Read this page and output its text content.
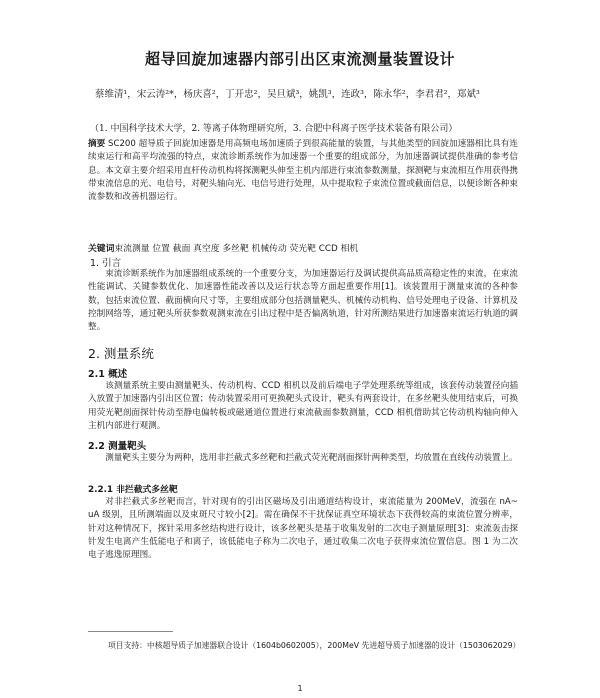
超导回旋加速器内部引出区束流测量装置设计
蔡维清¹，宋云涛²*，杨庆喜²，丁开忠²，吴旦斌³，姚凯³，连政³，陈永华²，李君君²，郑斌³
（1. 中国科学技术大学，2. 等离子体物理研究所，3. 合肥中科离子医学技术装备有限公司）
摘要 SC200 超导质子回旋加速器是用高频电场加速质子到很高能量的装置，与其他类型的回旋加速器相比具有连续束运行和高平均流强的特点，束流诊断系统作为加速器一个重要的组成部分，为加速器调试提供准确的参考信息。本文章主要介绍采用直杆传动机构将探测靶头伸至主机内部进行束流参数测量，探测靶与束流相互作用获得携带束流信息的光、电信号，对靶头轴向光、电信号进行处理，从中提取粒子束流位置或截面信息，以便诊断各种束流参数和改善机器运行。
关键词束流测量 位置 截面 真空度 多丝靶 机械传动 荧光靶 CCD 相机
1. 引言
束流诊断系统作为加速器组成系统的一个重要分支，为加速器运行及调试提供高品质高稳定性的束流，在束流性能调试、关键参数优化、加速器性能改善以及运行状态等方面起重要作用[1]。该装置用于测量束流的各种参数，包括束流位置、截面横向尺寸等，主要组成部分包括测量靶头、机械传动机构、信号处理电子设备、计算机及控制网络等，通过靶头所获参数观测束流在引出过程中是否偏离轨道，针对所测结果进行加速器束流运行轨道的调整。
2. 测量系统
2.1 概述
该测量系统主要由测量靶头、传动机构、CCD 相机以及前后端电子学处理系统等组成，该套传动装置径向插入放置于加速器内引出区位置；传动装置采用可更换靶头式设计，靶头有两套设计，在多丝靶头使用结束后，可换用荧光靶剖面探针传动至静电偏转板或磁通道位置进行束流截面参数测量，CCD 相机借助其它传动机构轴向伸入主机内部进行观测。
2.2 测量靶头
测量靶头主要分为两种，选用非拦截式多丝靶和拦截式荧光靶剖面探针两种类型，均放置在直线传动装置上。
2.2.1 非拦截式多丝靶
对非拦截式多丝靶而言，针对现有的引出区磁场及引出通道结构设计，束流能量为 200MeV，流强在 nA~ uA 级别，且所测端面以及束斑尺寸较小[2]。需在确保不干扰保证真空环境状态下获得较高的束流位置分辨率，针对这种情况下，探针采用多丝结构进行设计，该多丝靶头是基于收集发射的二次电子测量原理[3]：束流轰击探针发生电离产生低能电子和离子，该低能电子称为二次电子，通过收集二次电子获得束流位置信息。图 1 为二次电子逃逸原理图。
项目支持：中核超导质子加速器联合设计（1604b0602005），200MeV 先进超导质子加速器的设计（1503062029）
1
